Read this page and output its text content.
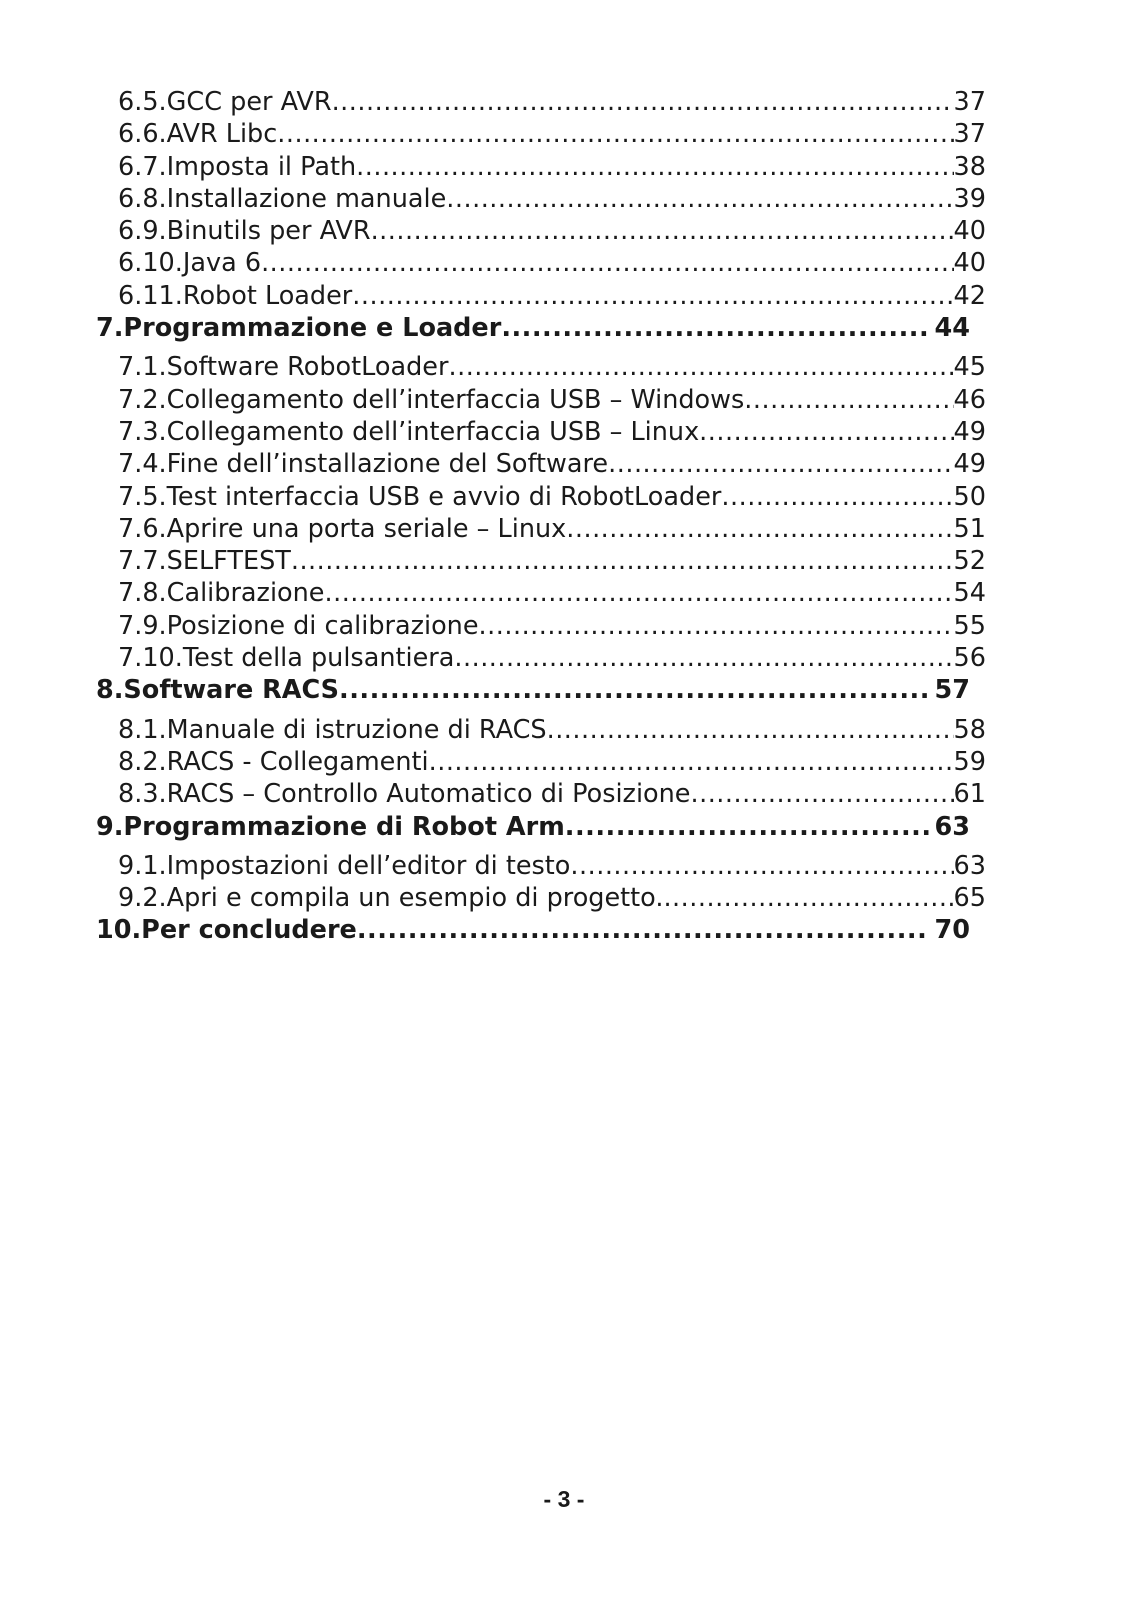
6.5.GCC per AVR .....	37
6.6.AVR Libc .....	37
6.7.Imposta il Path .....	38
6.8.Installazione manuale .....	39
6.9.Binutils per AVR .....	40
6.10.Java 6 .....	40
6.11.Robot Loader .....	42
7.Programmazione e Loader .....	44
7.1.Software RobotLoader .....	45
7.2.Collegamento dell’interfaccia USB – Windows .....	46
7.3.Collegamento dell’interfaccia USB – Linux .....	49
7.4.Fine dell’installazione del Software .....	49
7.5.Test interfaccia USB e avvio di RobotLoader .....	50
7.6.Aprire una porta seriale – Linux .....	51
7.7.SELFTEST .....	52
7.8.Calibrazione .....	54
7.9.Posizione di calibrazione .....	55
7.10.Test della pulsantiera .....	56
8.Software RACS .....	57
8.1.Manuale di istruzione di RACS .....	58
8.2.RACS - Collegamenti .....	59
8.3.RACS – Controllo Automatico di Posizione .....	61
9.Programmazione di Robot Arm .....	63
9.1.Impostazioni dell’editor di testo .....	63
9.2.Apri e compila un esempio di progetto. .....	65
10.Per concludere .....	70
- 3 -
